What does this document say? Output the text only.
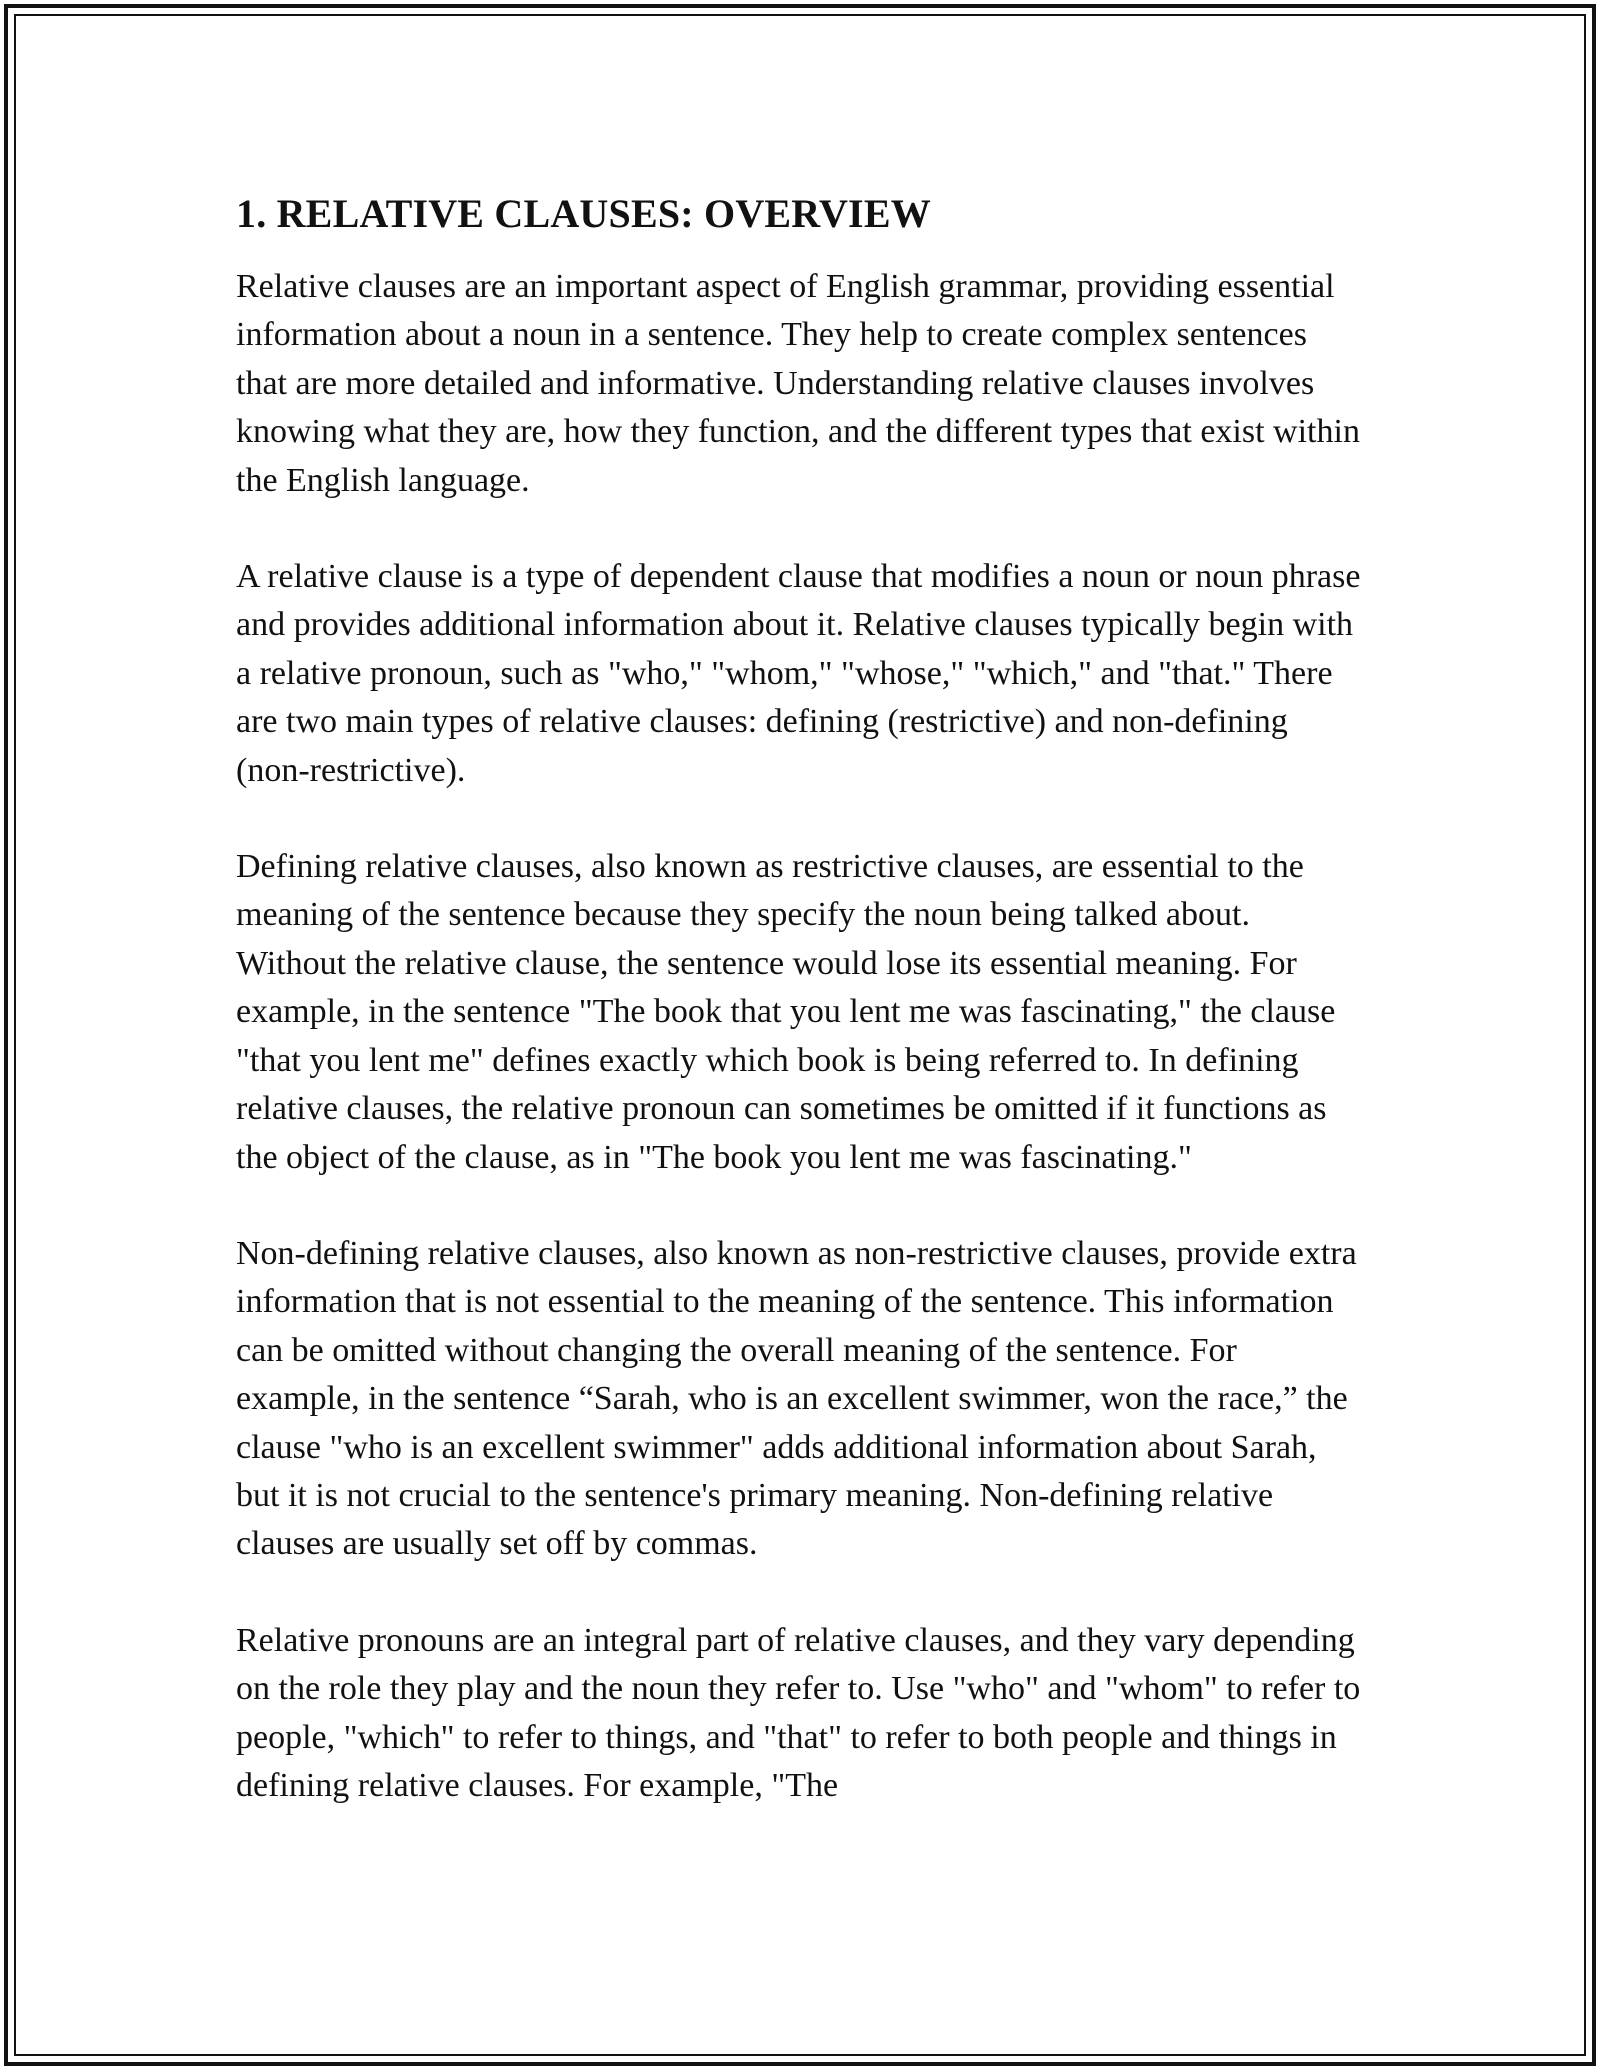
1. RELATIVE CLAUSES: OVERVIEW

Relative clauses are an important aspect of English grammar, providing essential information about a noun in a sentence. They help to create complex sentences that are more detailed and informative. Understanding relative clauses involves knowing what they are, how they function, and the different types that exist within the English language.

A relative clause is a type of dependent clause that modifies a noun or noun phrase and provides additional information about it. Relative clauses typically begin with a relative pronoun, such as "who," "whom," "whose," "which," and "that." There are two main types of relative clauses: defining (restrictive) and non-defining (non-restrictive).

Defining relative clauses, also known as restrictive clauses, are essential to the meaning of the sentence because they specify the noun being talked about. Without the relative clause, the sentence would lose its essential meaning. For example, in the sentence "The book that you lent me was fascinating," the clause "that you lent me" defines exactly which book is being referred to. In defining relative clauses, the relative pronoun can sometimes be omitted if it functions as the object of the clause, as in "The book you lent me was fascinating."

Non-defining relative clauses, also known as non-restrictive clauses, provide extra information that is not essential to the meaning of the sentence. This information can be omitted without changing the overall meaning of the sentence. For example, in the sentence “Sarah, who is an excellent swimmer, won the race,” the clause "who is an excellent swimmer" adds additional information about Sarah, but it is not crucial to the sentence's primary meaning. Non-defining relative clauses are usually set off by commas.

Relative pronouns are an integral part of relative clauses, and they vary depending on the role they play and the noun they refer to. Use "who" and "whom" to refer to people, "which" to refer to things, and "that" to refer to both people and things in defining relative clauses. For example, "The
